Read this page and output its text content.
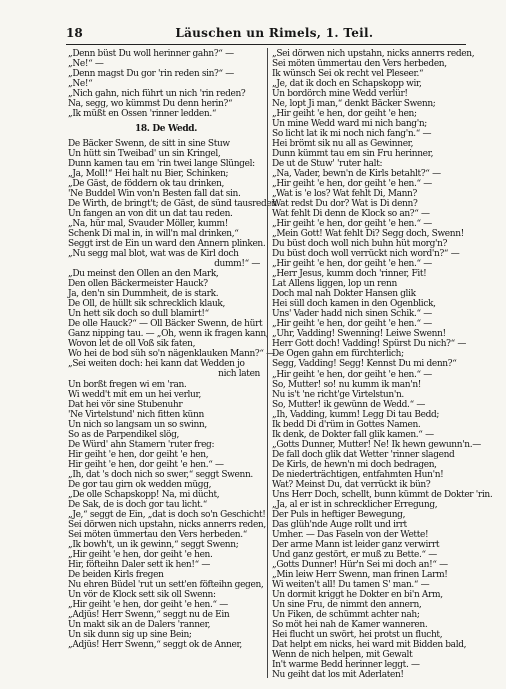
18	Läuschen un Rimels, 1. Teil.
„Denn büst Du woll herinner gahn?“ —
„Ne!“ —
„Denn magst Du gor 'rin reden sin?“ —
„Ne!“
„Nich gahn, nich führt un nich 'rin reden?
Na, segg, wo kümmst Du denn herin?“
„Ik müßt en Ossen 'rinner ledden.“
18. De Wedd.
De Bäcker Swenn, de sitt in sine Stuw
Un hütt sin Tweibad' un sin Kringel,
Dunn kamen tau em 'rin twei lange Slüngel:
„Ja, Moll!“ Hei halt nu Bier, Schinken;
„De Gäst, de föddern ok tau drinken,
'Ne Buddel Win von'n Besten fall dat sin.
De Wirth, de bringt't; de Gäst, de sünd tausreden
Un fangen an von dit un dat tau reden.
„Na, hür mal, Svauder Möller, kumm!
Schenk Di mal in, in will'n mal drinken,“
Seggt irst de Ein un ward den Annern plinken.
„Nu segg mal blot, wat was de Kirl doch
dumm!“ —
„Du meinst den Ollen an den Mark,
Den ollen Bäckermeister Hauck?
Ja, den'n sin Dummheit, de is stark.
De Oll, de hüllt sik schrecklich klauk,
Un hett sik doch so dull blamirt!“
De olle Hauck?“ — Oll Bäcker Swenn, de hürt
Ganz nipping tau. — „Oh, wenn ik fragen kann,
Wovon let de oll Voß sik faten,
Wo hei de bod süh so'n nägenklauken Mann?“ —
„Sei weiten doch: hei kann dat Wedden jo
nich laten
Un borßt fregen wi em 'ran.
Wi wedd't mit em un hei verlur,
Dat hei vör sine Stubenuhr
'Ne Virtelstund' nich fitten künn
Un nich so langsam un so swinn,
So as de Parpendikel slög,
De Würd' ahn Stamern 'ruter freg:
Hir geiht 'e hen, dor geiht 'e hen,
Hir geiht 'e hen, dor geiht 'e hen.“ —
„Ih, dat 's doch nich so swer,“ seggt Swenn.
De gor tau girn ok wedden mügg,
„De olle Schapskopp! Na, mi dücht,
De Sak, de is doch gor tau licht.“
„Je,“ seggt de Ein, „dat is doch so'n Geschicht!
Sei dörwen nich upstahn, nicks annerrs reden,
Sei möten ümmertau den Vers herbeden.“
„Ik bowh't, un ik gewinn,“ seggt Swenn;
„Hir geiht 'e hen, dor geiht 'e hen.
Hir, föfteihn Daler sett ik hen!“ —
De beiden Kirls fregen
Nu ehren Büdel 'rut un sett'en föfteihn gegen,
Un vör de Klock sett sik oll Swenn:
„Hir geiht 'e hen, dor geiht 'e hen.“ —
„Adjüs! Herr Swenn,“ seggt nu de Ein
Un makt sik an de Dalers 'ranner,
Un sik dunn sig up sine Bein;
„Adjüs! Herr Swenn,“ seggt ok de Anner,
„Sei dörwen nich upstahn, nicks annerrs reden,
Sei möten ümmertau den Vers herbeden,
Ik wünsch Sei ok recht vel Pleseer.“
„Je, dat ik doch en Schapskopp wir,
Un bordörch mine Wedd verlür!
Ne, lopt Ji man,“ denkt Bäcker Swenn;
„Hir geiht 'e hen, dor geiht 'e hen;
Un mine Wedd ward mi nich bang'n;
So licht lat ik mi noch nich fang'n.“ —
Hei brömt sik nu all as Gewinner,
Dunn kümmt tau em sin Fru herinner,
De ut de Stuw' 'ruter halt:
„Na, Vader, bewn'n de Kirls betahlt?“ —
„Hir geiht 'e hen, dor geiht 'e hen.“ —
„Wat is 'e los? Wat fehlt Di, Mann?
Wat redst Du dor? Wat is Di denn?
Wat fehlt Di denn de Klock so an?“ —
„Hir geiht 'e hen, dor geiht 'e hen.“ —
„Mein Gott! Wat fehlt Di? Segg doch, Swenn!
Du büst doch woll nich buhn hüt morg'n?
Du büst doch woll verrückt nich word'n?“ —
„Hir geiht 'e hen, dor geiht 'e hen.“ —
„Herr Jesus, kumm doch 'rinner, Fit!
Lat Allens liggen, lop un renn
Doch mal nah Dokter Hansen glik
Hei süll doch kamen in den Ogenblick,
Uns' Vader hadd nich sinen Schik.“ —
„Hir geiht 'e hen, dor geiht 'e hen.“ —
„Uhr, Vadding! Swenning! Leiwe Swenn!
Herr Gott doch! Vadding! Spürst Du nich?“ —
De Ogen gahn em fürchterlich;
Segg, Vadding! Segg! Kennst Du mi denn?“
„Hir geiht 'e hen, dor geiht 'e hen.“ —
So, Mutter! so! nu kumm ik man'n!
Nu is't 'ne richt'ge Virtelstun'n.
So, Mutter! ik gewünn de Wedd.“ —
„Ih, Vadding, kumm! Legg Di tau Bedd;
Ik bedd Di d'rüm in Gottes Namen.
Ik denk, de Dokter fall glik kamen.“ —
„Gotts Dunner, Mutter! Ne! Ik hewn gewunn'n.—
De fall doch glik dat Wetter 'rinner slagend
De Kirls, de hewn'n mi doch bedragen,
De niederträchtigen, entfahmten Hun'n!
Wat? Meinst Du, dat verrückt ik bün?
Uns Herr Doch, schellt, bunn kümmt de Dokter 'rin.
„Ja, al er ist in schrecklicher Erregung,
Der Puls in heftiger Bewegung,
Das glüh'nde Auge rollt und irrt
Umher. — Das Faseln von der Wette!
Der arme Mann ist leider ganz verwirrt
Und ganz gestört, er muß zu Bette.“ —
„Gotts Dunner! Hür'n Sei mi doch an!“ —
„Min leiw Herr Swenn, man frinen Larm!
Wi weiten't all! Du tamen S' man.“ —
Un dormit kriggt he Dokter en bi'n Arm,
Un sine Fru, de nimmt den annern,
Un Fiken, de schümmt achter nah;
So möt hei nah de Kamer wanneren.
Hei flucht un swört, hei protst un flucht,
Dat helpt em nicks, hei ward mit Bidden bald,
Wenn de nich helpen, mit Gewalt
In't warme Bedd herinner leggt. —
Nu geiht dat los mit Aderlaten!
